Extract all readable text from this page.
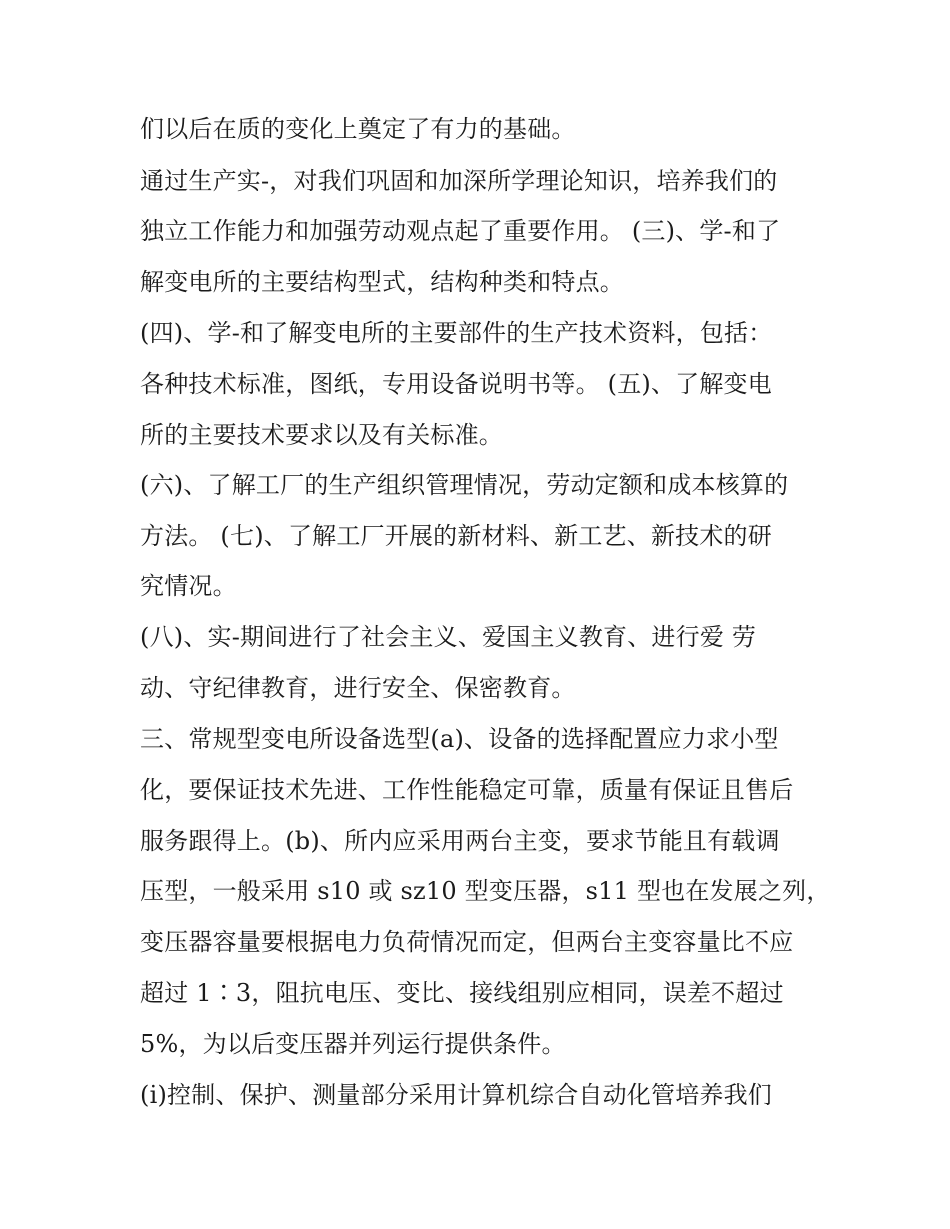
们以后在质的变化上奠定了有力的基础。
通过生产实-，对我们巩固和加深所学理论知识，培养我们的
独立工作能力和加强劳动观点起了重要作用。 (三)、学-和了
解变电所的主要结构型式，结构种类和特点。
(四)、学-和了解变电所的主要部件的生产技术资料，包括：
各种技术标准，图纸，专用设备说明书等。 (五)、了解变电
所的主要技术要求以及有关标准。
(六)、了解工厂的生产组织管理情况，劳动定额和成本核算的
方法。 (七)、了解工厂开展的新材料、新工艺、新技术的研
究情况。
(八)、实-期间进行了社会主义、爱国主义教育、进行爱 劳
动、守纪律教育，进行安全、保密教育。
三、常规型变电所设备选型(a)、设备的选择配置应力求小型
化，要保证技术先进、工作性能稳定可靠，质量有保证且售后
服务跟得上。(b)、所内应采用两台主变，要求节能且有载调
压型，一般采用 s10 或 sz10 型变压器，s11 型也在发展之列，
变压器容量要根据电力负荷情况而定，但两台主变容量比不应
超过 1∶3，阻抗电压、变比、接线组别应相同，误差不超过
5%，为以后变压器并列运行提供条件。
(i)控制、保护、测量部分采用计算机综合自动化管培养我们
